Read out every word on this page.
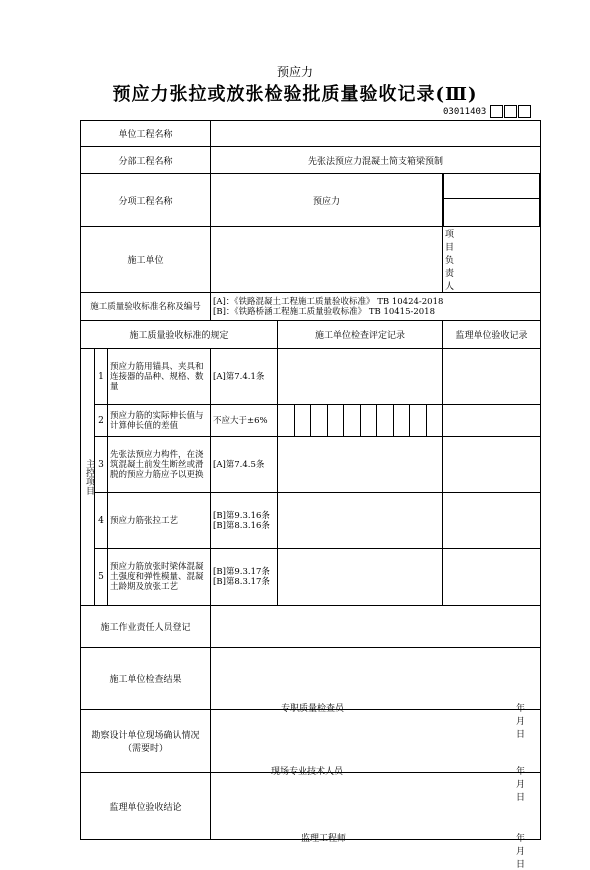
预应力
预应力张拉或放张检验批质量验收记录(Ⅲ)
03011403
单位工程名称					
分部工程名称			先张法预应力混凝土简支箱梁预制		
分项工程名称			预应力	
施工单位					项目负责人
施工质量验收标准名称及编号			[A]：《铁路混凝土工程施工质量验收标准》 TB 10424-2018
[B]：《铁路桥涵工程施工质量验收标准》 TB 10415-2018		

施工质量验收标准的规定				施工单位检查评定记录	监理单位验收记录

主控项目	1	预应力筋用锚具、夹具和连接器的品种、规格、数量	[A]第7.4.1条		

	2	预应力筋的实际伸长值与计算伸长值的差值	不应大于±6%		

	3	先张法预应力构件，在浇筑混凝土前发生断丝或滑脱的预应力筋应予以更换	[A]第7.4.5条		

	4	预应力筋张拉工艺	[B]第9.3.16条
[B]第8.3.16条		

	5	预应力筋放张时梁体混凝土强度和弹性模量、混凝土龄期及放张工艺	[B]第9.3.17条
[B]第8.3.17条		

施工作业责任人员登记					
施工单位检查结果			专职质量检查员 年月日		

勘察设计单位现场确认情况（需要时）			现场专业技术人员 年月日		

监理单位验收结论			监理工程师 年月日		
